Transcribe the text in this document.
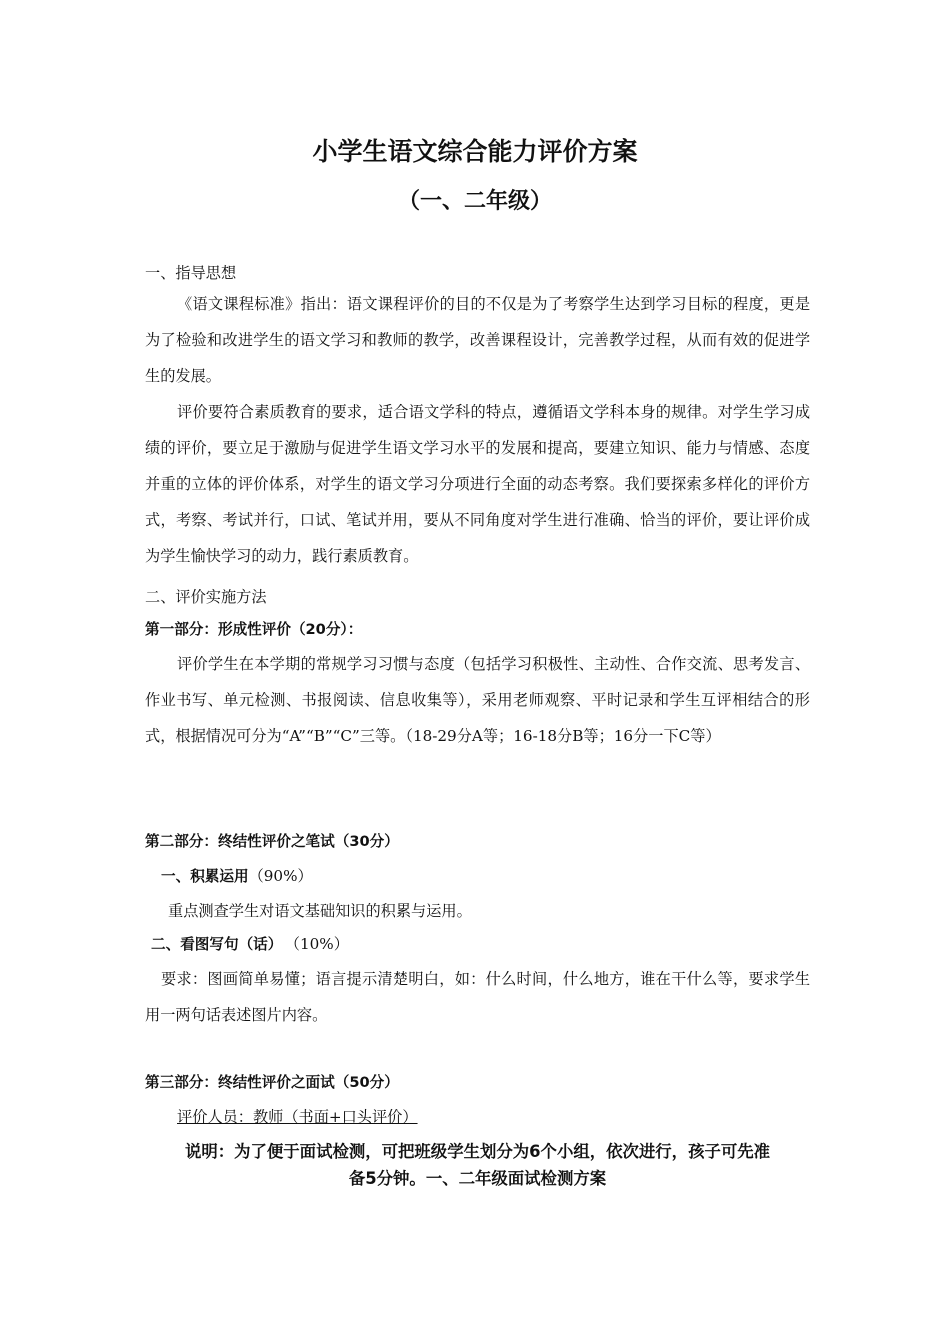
小学生语文综合能力评价方案
（一、二年级）
一、指导思想
《语文课程标准》指出：语文课程评价的目的不仅是为了考察学生达到学习目标的程度，更是为了检验和改进学生的语文学习和教师的教学，改善课程设计，完善教学过程，从而有效的促进学生的发展。
评价要符合素质教育的要求，适合语文学科的特点，遵循语文学科本身的规律。对学生学习成绩的评价，要立足于激励与促进学生语文学习水平的发展和提高，要建立知识、能力与情感、态度并重的立体的评价体系，对学生的语文学习分项进行全面的动态考察。我们要探索多样化的评价方式，考察、考试并行，口试、笔试并用，要从不同角度对学生进行准确、恰当的评价，要让评价成为学生愉快学习的动力，践行素质教育。
二、评价实施方法
第一部分：形成性评价（20分）：
评价学生在本学期的常规学习习惯与态度（包括学习积极性、主动性、合作交流、思考发言、作业书写、单元检测、书报阅读、信息收集等），采用老师观察、平时记录和学生互评相结合的形式，根据情况可分为“A”“B”“C”三等。（18-29分A等；16-18分B等；16分一下C等）
第二部分：终结性评价之笔试（30分）
一、积累运用（90%）
重点测查学生对语文基础知识的积累与运用。
二、看图写句（话） （10%）
要求：图画简单易懂；语言提示清楚明白，如：什么时间，什么地方，谁在干什么等，要求学生用一两句话表述图片内容。
第三部分：终结性评价之面试（50分）
评价人员：教师（书面+口头评价）
说明：为了便于面试检测，可把班级学生划分为6个小组，依次进行，孩子可先准
备5分钟。一、二年级面试检测方案
